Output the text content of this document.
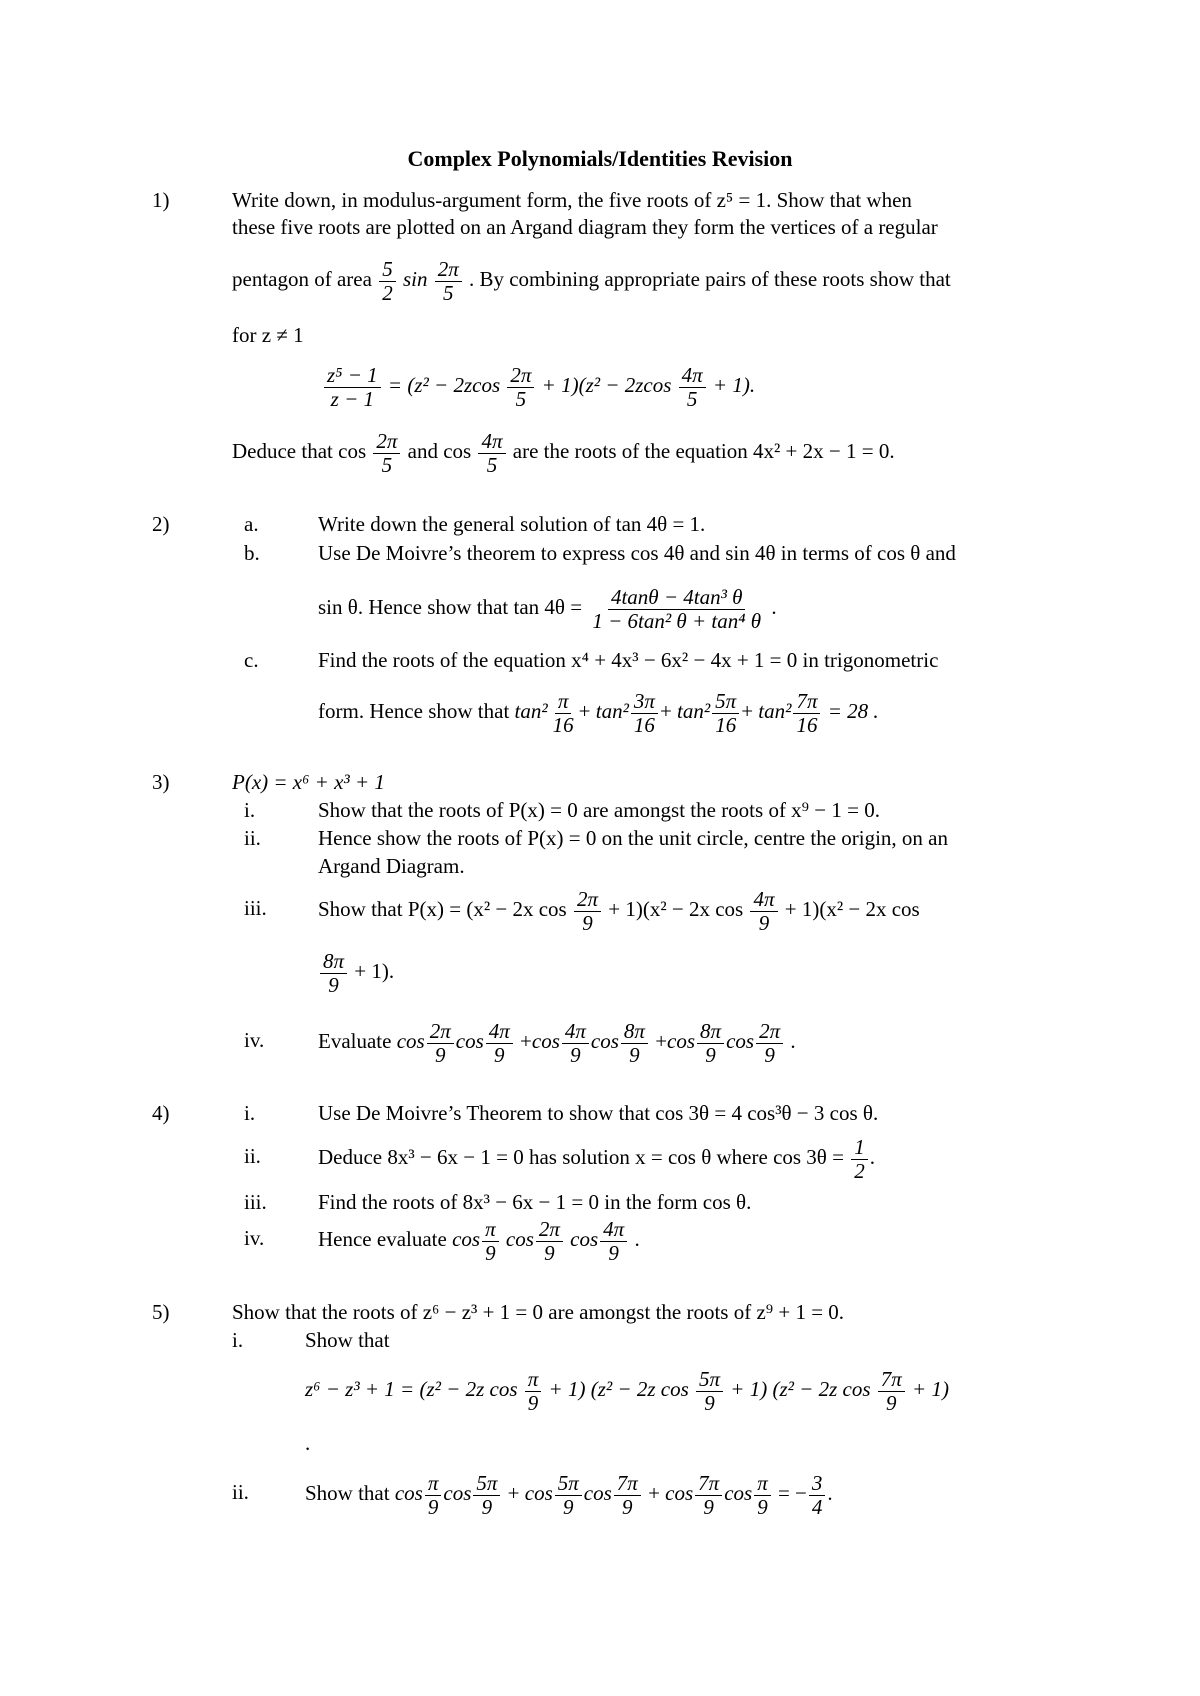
Complex Polynomials/Identities Revision
1)	Write down, in modulus-argument form, the five roots of z⁵ = 1. Show that when
these five roots are plotted on an Argand diagram they form the vertices of a regular
pentagon of area $\frac{5}{2}$ $\sin \frac{2\pi}{5}$ . By combining appropriate pairs of these roots show that
for z ≠ 1
$\frac{\text{z⁵ − 1}}{z - 1} = (z^2 - 2zcos \frac{2\pi}{5} + 1)(z^2 - 2zcos \frac{4\pi}{5} + 1)$.
Deduce that $\cos \frac{2\pi}{5}$ and $\cos \frac{4\pi}{5}$ are the roots of the equation 4x² + 2x − 1 = 0.
2)	a.	Write down the general solution of tan 4θ = 1.
b.	Use De Moivre’s theorem to express cos 4θ and sin 4θ in terms of cos θ and
sin θ. Hence show that $\tan 4\theta = \frac{\text{4tanθ − 4tan³ θ}}{\text{1 − 6tan² θ + tan⁴ θ}}$ .
c.	Find the roots of the equation x⁴ + 4x³ − 6x² − 4x + 1 = 0 in trigonometric
form. Hence show that $\tan^2 \frac{\pi}{16} + \tan^2 \frac{3\pi}{16} + \tan^2 \frac{5\pi}{16} + \tan^2 \frac{7\pi}{16} = 28$ .
3)	P(x) = x⁶ + x³ + 1
i.	Show that the roots of P(x) = 0 are amongst the roots of x⁹ − 1 = 0.
ii.	Hence show the roots of P(x) = 0 on the unit circle, centre the origin, on an
Argand Diagram.
iii. Show that P(x) = (x² − 2x $\cos \frac{2\pi}{9} + 1)(x^2 - 2x$ $\cos \frac{4\pi}{9} + 1)(x^2 - 2x$ cos
$\frac{8\pi}{9} + 1$).
iv.	Evaluate $\cos \frac{2\pi}{9}$ $\cos \frac{4\pi}{9} +\cos \frac{4\pi}{9}$ $\cos \frac{8\pi}{9} +\cos \frac{8\pi}{9}$ $\cos \frac{2\pi}{9}$ .
4)	i.	Use De Moivre’s Theorem to show that cos 3θ = 4 cos³θ − 3 cos θ.
ii.	Deduce 8x³ − 6x − 1 = 0 has solution x = cos θ where $\cos 3\theta = \frac{1}{2}$ .
iii. Find the roots of 8x³ − 6x − 1 = 0 in the form cos θ.
iv.	Hence evaluate $\cos \frac{\pi}{9}$ $\cos \frac{2\pi}{9}$ $\cos \frac{4\pi}{9}$ .
5)	Show that the roots of z⁶ − z³ + 1 = 0 are amongst the roots of z⁹ + 1 = 0.
i.	Show that
z⁶ − z³ + 1 = (z² − 2z $\cos \frac{\pi}{9} + 1$) (z² − 2z $\cos \frac{5\pi}{9} + 1$) (z² − 2z $\cos \frac{7\pi}{9} + 1$)
.
ii.	Show that $\cos \frac{\pi}{9}$ $\cos \frac{5\pi}{9} + \cos \frac{5\pi}{9}$ $\cos \frac{7\pi}{9} + \cos \frac{7\pi}{9}$ $\cos \frac{\pi}{9}$ = − $\frac{3}{4}$ .
